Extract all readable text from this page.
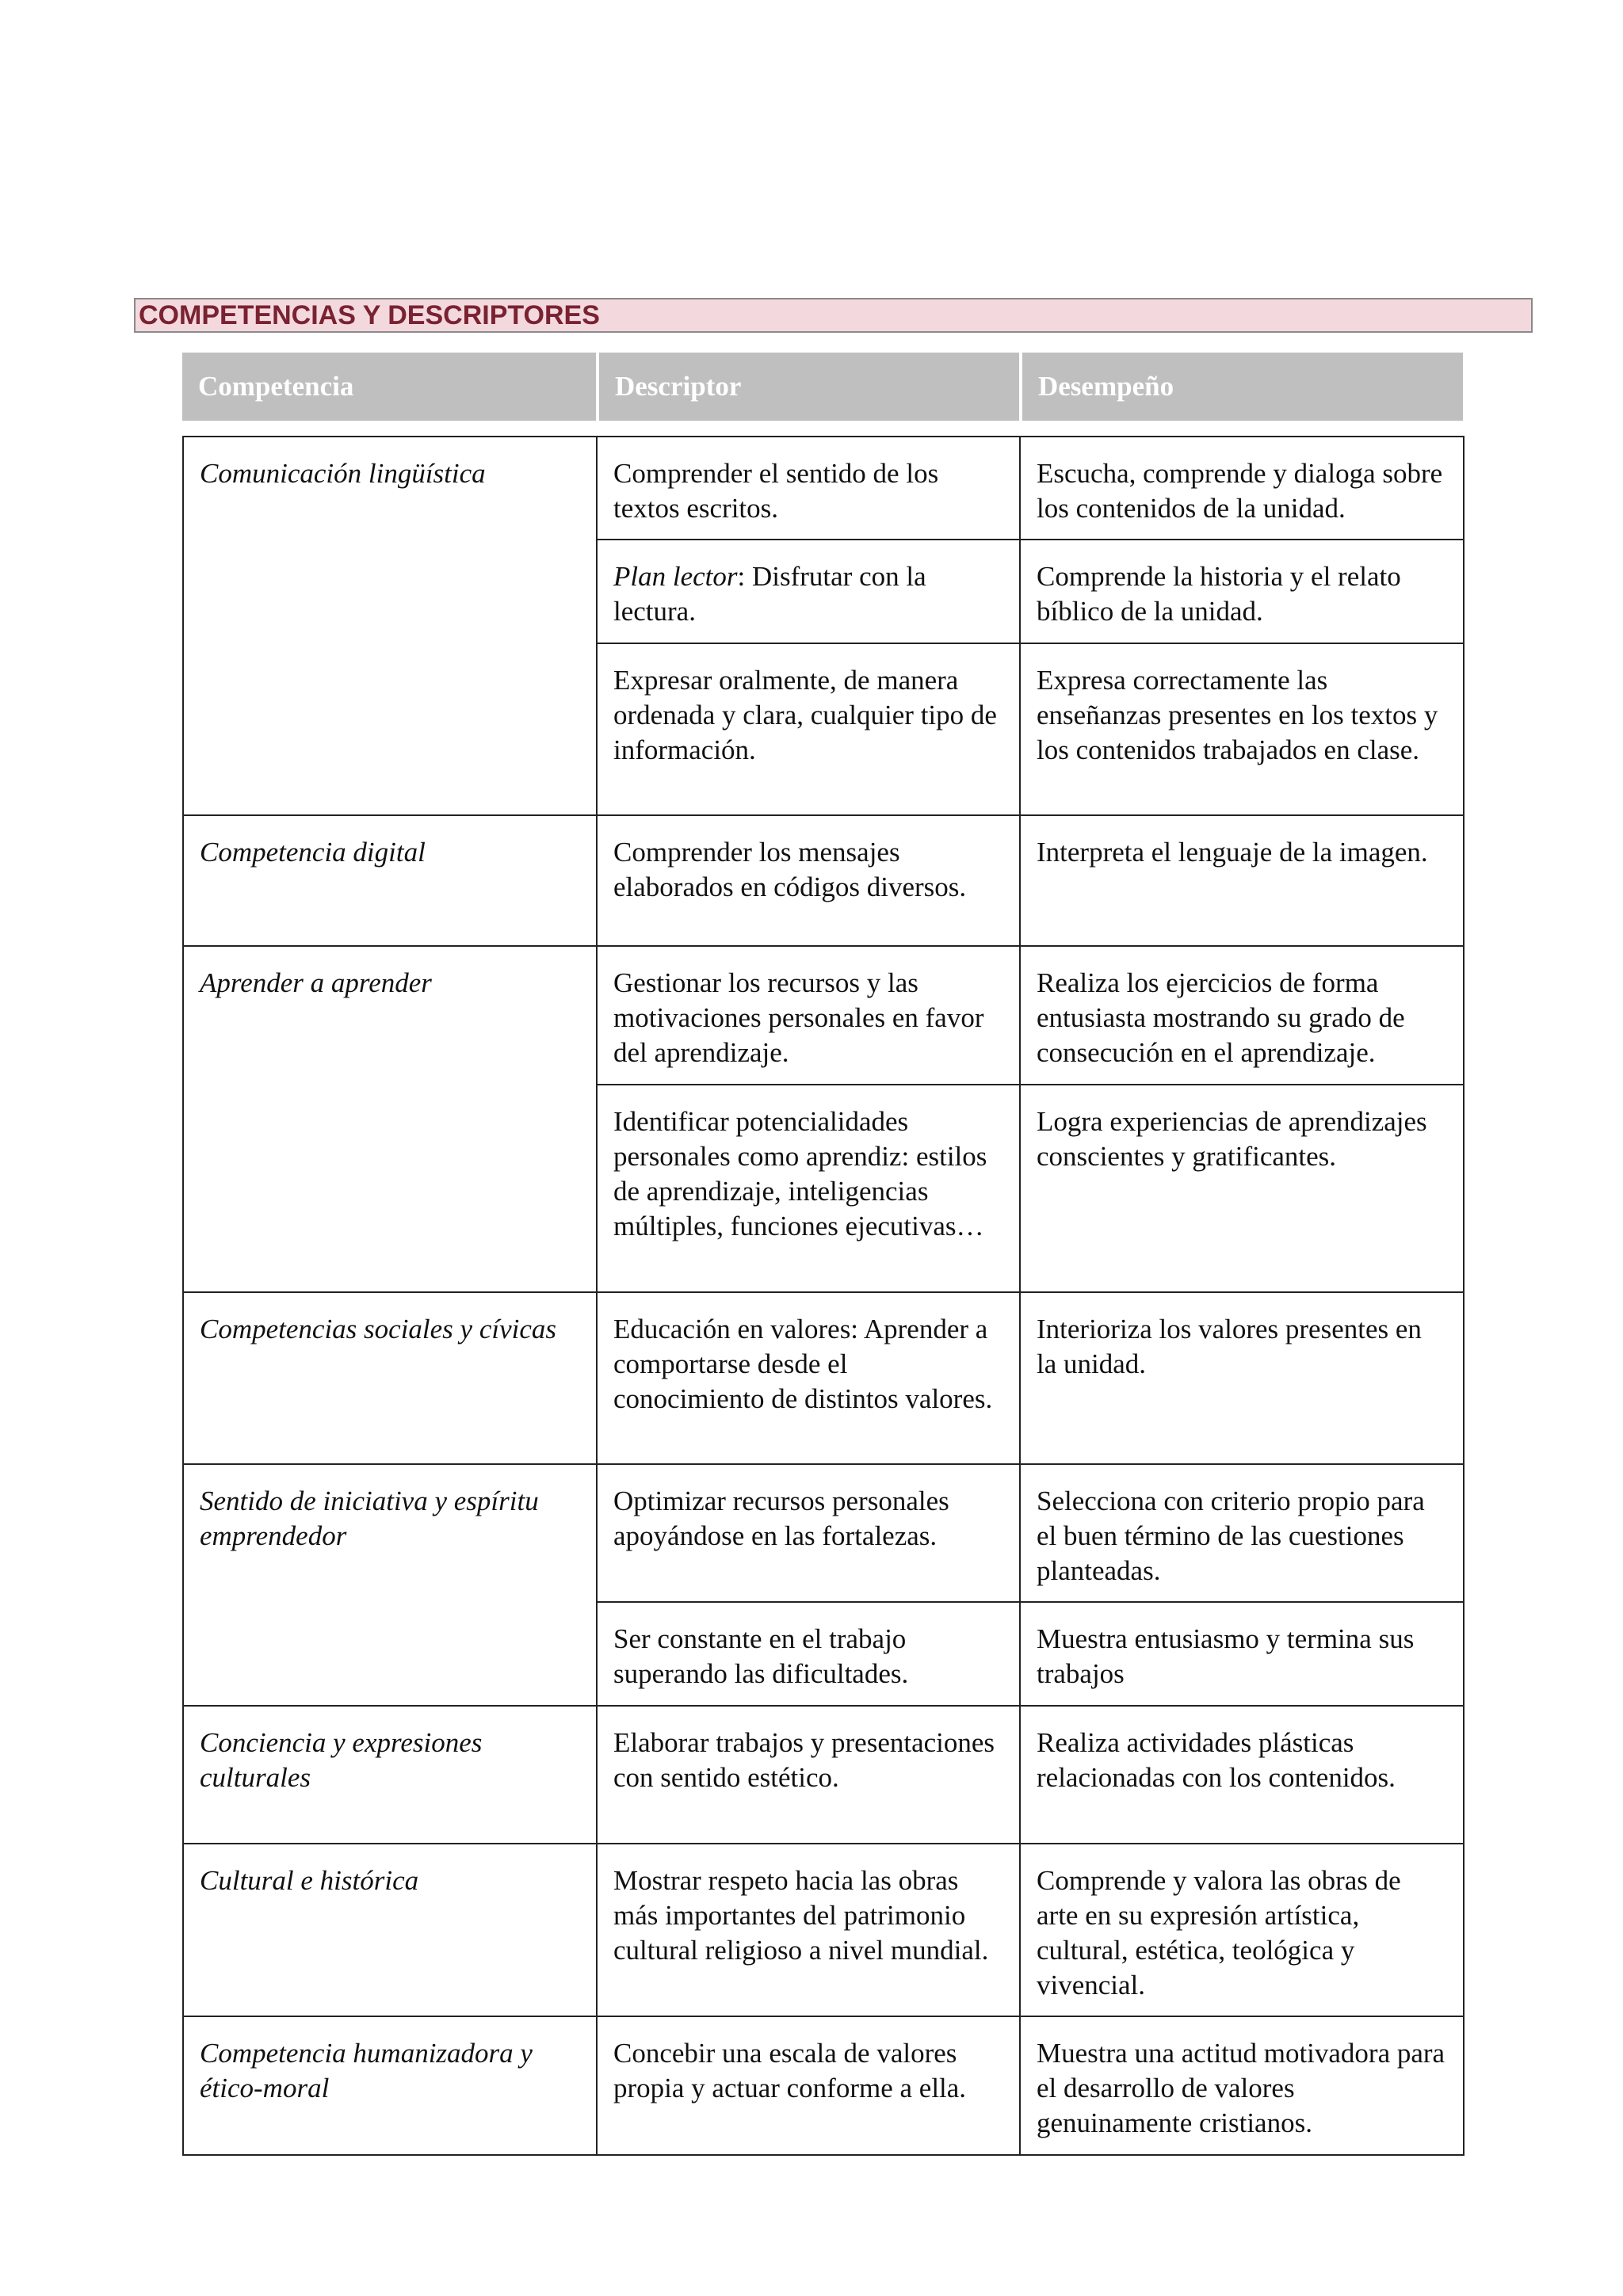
COMPETENCIAS Y DESCRIPTORES
Competencia	Descriptor	Desempeño
Comunicación lingüística	Comprender el sentido de los textos escritos.	Escucha, comprende y dialoga sobre los contenidos de la unidad.
	Plan lector: Disfrutar con la lectura.	Comprende la historia y el relato bíblico de la unidad.
	Expresar oralmente, de manera ordenada y clara, cualquier tipo de información.	Expresa correctamente las enseñanzas presentes en los textos y los contenidos trabajados en clase.
Competencia digital	Comprender los mensajes elaborados en códigos diversos.	Interpreta el lenguaje de la imagen.
Aprender a aprender	Gestionar los recursos y las motivaciones personales en favor del aprendizaje.	Realiza los ejercicios de forma entusiasta mostrando su grado de consecución en el aprendizaje.
	Identificar potencialidades personales como aprendiz: estilos de aprendizaje, inteligencias múltiples, funciones ejecutivas…	Logra experiencias de aprendizajes conscientes y gratificantes.
Competencias sociales y cívicas	Educación en valores: Aprender a comportarse desde el conocimiento de distintos valores.	Interioriza los valores presentes en la unidad.
Sentido de iniciativa y espíritu emprendedor	Optimizar recursos personales apoyándose en las fortalezas.	Selecciona con criterio propio para el buen término de las cuestiones planteadas.
	Ser constante en el trabajo superando las dificultades.	Muestra entusiasmo y termina sus trabajos
Conciencia y expresiones culturales	Elaborar trabajos y presentaciones con sentido estético.	Realiza actividades plásticas relacionadas con los contenidos.
Cultural e histórica	Mostrar respeto hacia las obras más importantes del patrimonio cultural religioso a nivel mundial.	Comprende y valora las obras de arte en su expresión artística, cultural, estética, teológica y vivencial.
Competencia humanizadora y ético-moral	Concebir una escala de valores propia y actuar conforme a ella.	Muestra una actitud motivadora para el desarrollo de valores genuinamente cristianos.
